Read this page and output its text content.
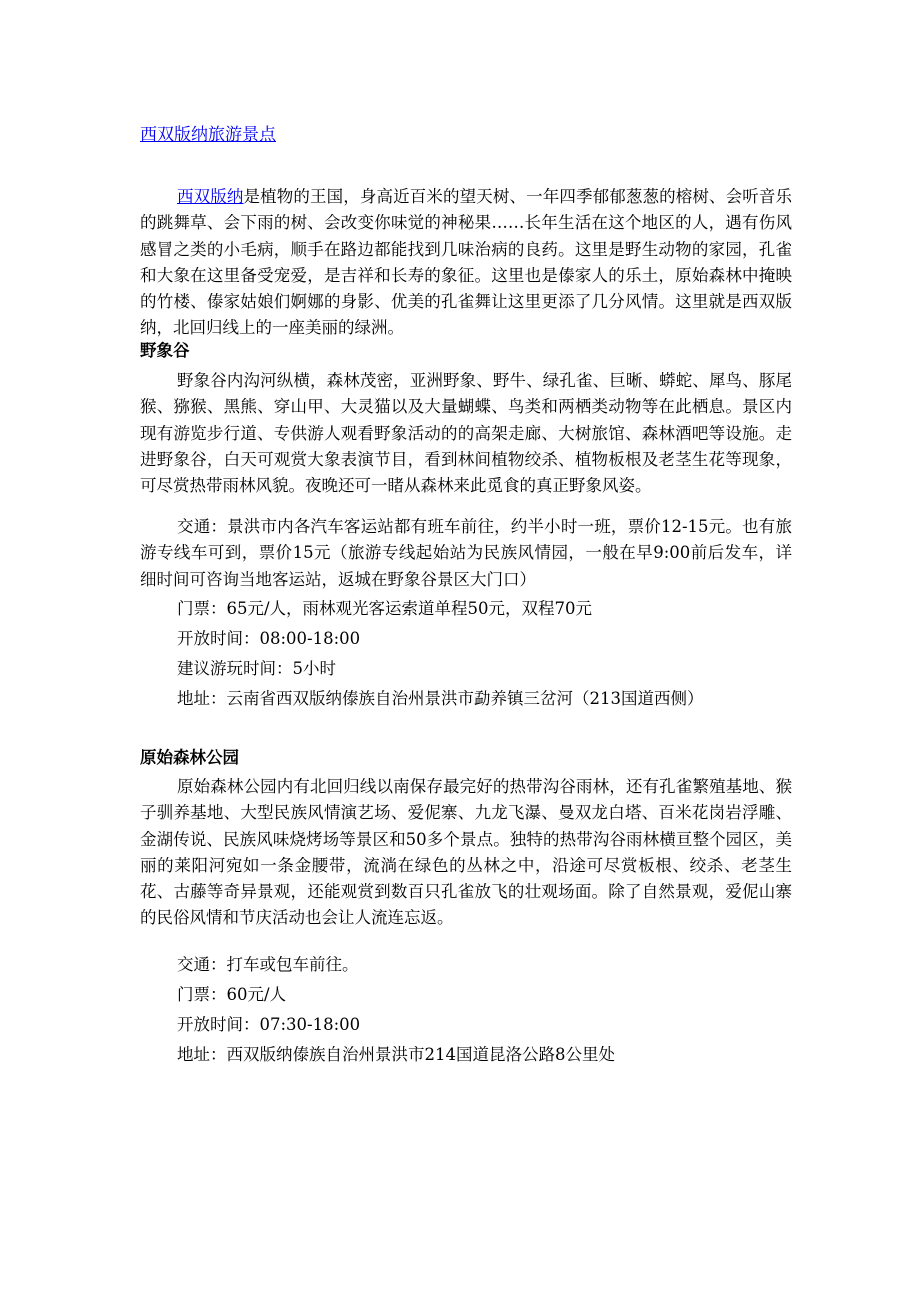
西双版纳旅游景点
西双版纳是植物的王国，身高近百米的望天树、一年四季郁郁葱葱的榕树、会听音乐的跳舞草、会下雨的树、会改变你味觉的神秘果……长年生活在这个地区的人，遇有伤风感冒之类的小毛病，顺手在路边都能找到几味治病的良药。这里是野生动物的家园，孔雀和大象在这里备受宠爱，是吉祥和长寿的象征。这里也是傣家人的乐土，原始森林中掩映的竹楼、傣家姑娘们婀娜的身影、优美的孔雀舞让这里更添了几分风情。这里就是西双版纳，北回归线上的一座美丽的绿洲。
野象谷
野象谷内沟河纵横，森林茂密，亚洲野象、野牛、绿孔雀、巨晰、蟒蛇、犀鸟、豚尾猴、猕猴、黑熊、穿山甲、大灵猫以及大量蝴蝶、鸟类和两栖类动物等在此栖息。景区内现有游览步行道、专供游人观看野象活动的的高架走廊、大树旅馆、森林酒吧等设施。走进野象谷，白天可观赏大象表演节目，看到林间植物绞杀、植物板根及老茎生花等现象，可尽赏热带雨林风貌。夜晚还可一睹从森林来此觅食的真正野象风姿。
交通：景洪市内各汽车客运站都有班车前往，约半小时一班，票价12-15元。也有旅游专线车可到，票价15元（旅游专线起始站为民族风情园，一般在早9:00前后发车，详细时间可咨询当地客运站，返城在野象谷景区大门口）
门票：65元/人，雨林观光客运索道单程50元，双程70元
开放时间：08:00-18:00
建议游玩时间：5小时
地址：云南省西双版纳傣族自治州景洪市勐养镇三岔河（213国道西侧）
原始森林公园
原始森林公园内有北回归线以南保存最完好的热带沟谷雨林，还有孔雀繁殖基地、猴子驯养基地、大型民族风情演艺场、爱伲寨、九龙飞瀑、曼双龙白塔、百米花岗岩浮雕、金湖传说、民族风味烧烤场等景区和50多个景点。独特的热带沟谷雨林横亘整个园区，美丽的莱阳河宛如一条金腰带，流淌在绿色的丛林之中，沿途可尽赏板根、绞杀、老茎生花、古藤等奇异景观，还能观赏到数百只孔雀放飞的壮观场面。除了自然景观，爱伲山寨的民俗风情和节庆活动也会让人流连忘返。
交通：打车或包车前往。
门票：60元/人
开放时间：07:30-18:00
地址：西双版纳傣族自治州景洪市214国道昆洛公路8公里处
